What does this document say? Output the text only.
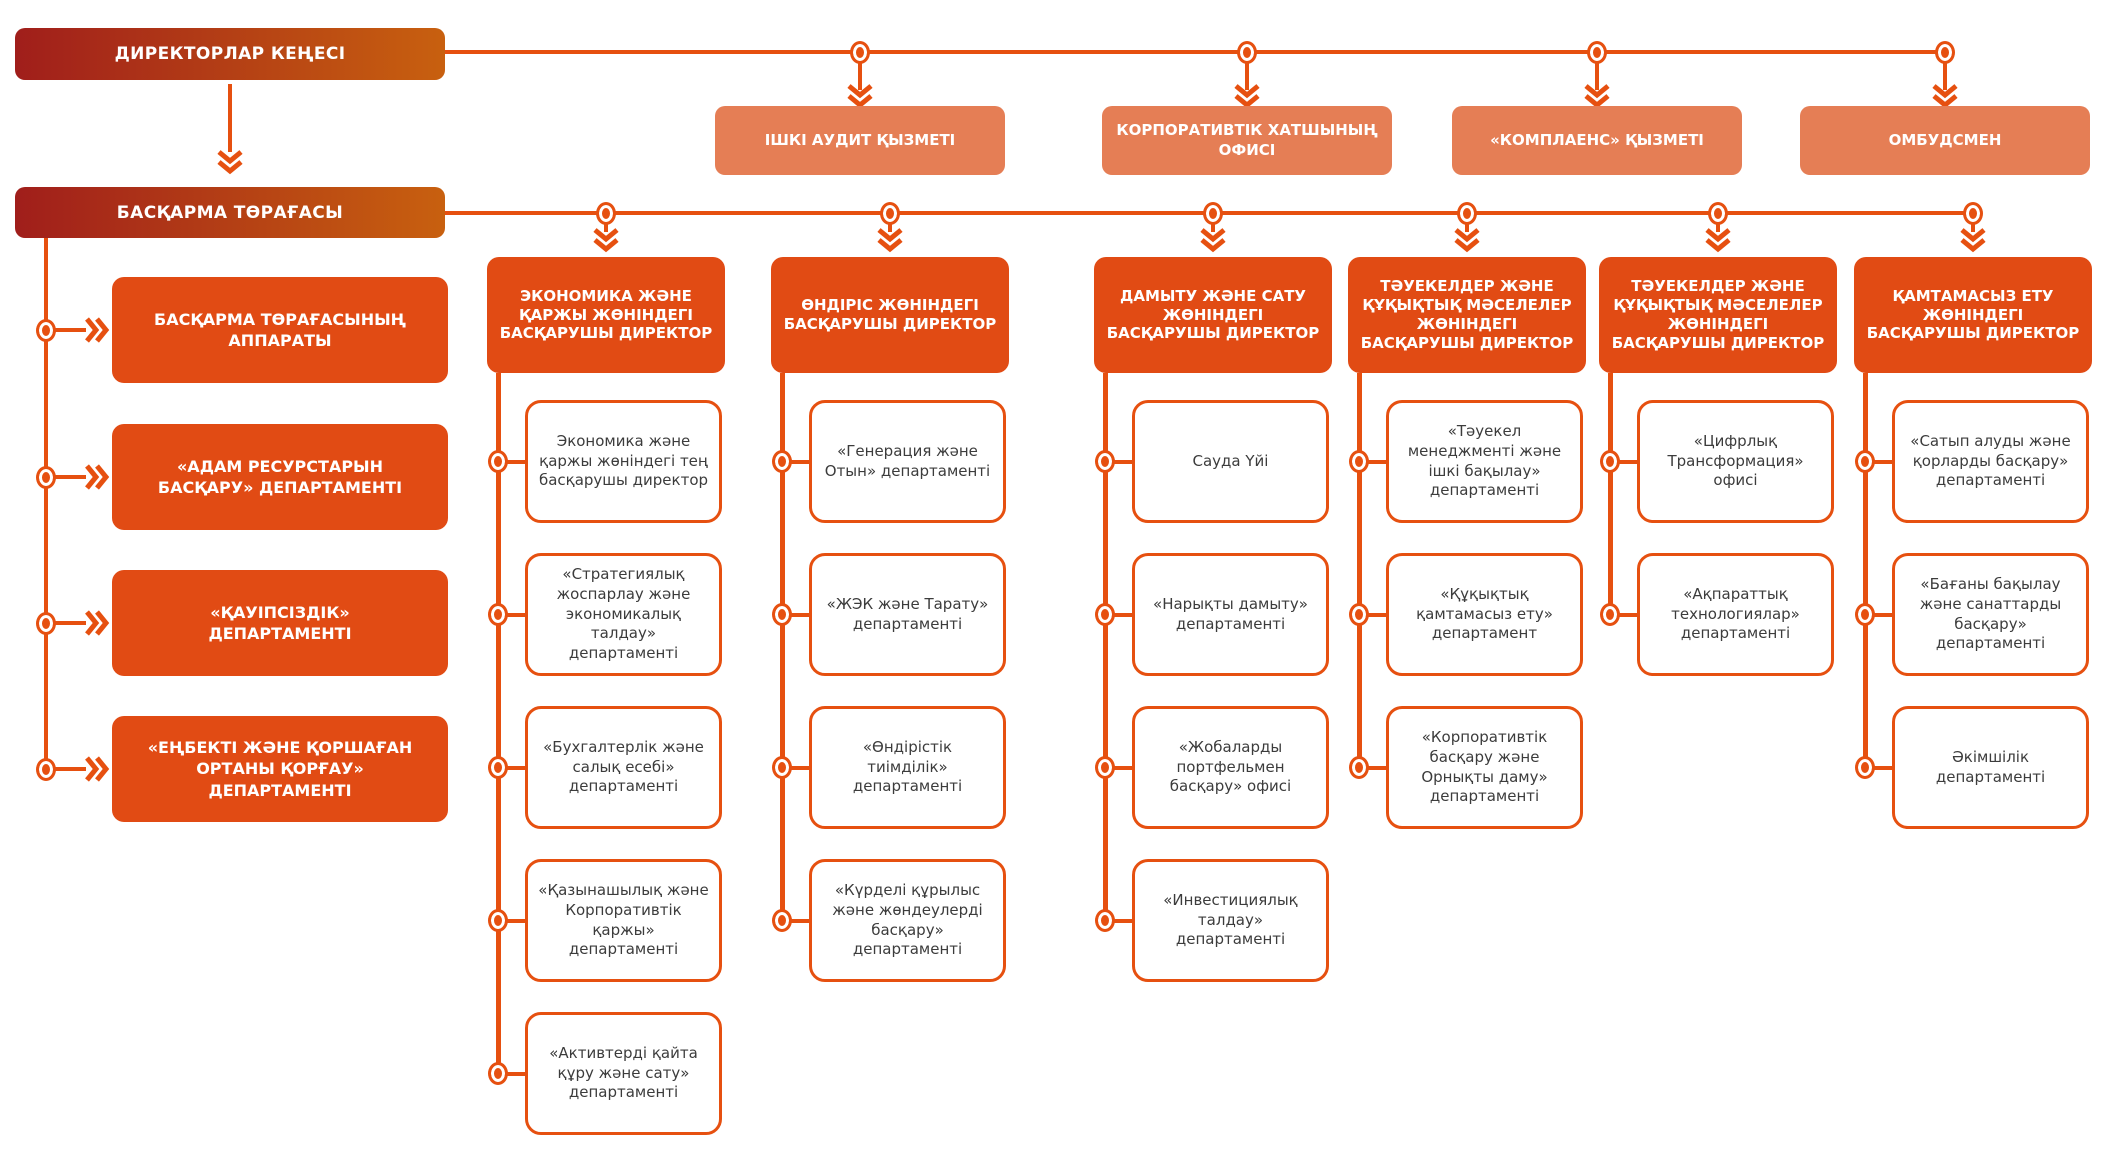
ДИРЕКТОРЛАР КЕҢЕСІ
БАСҚАРМА ТӨРАҒАСЫ
ІШКІ АУДИТ ҚЫЗМЕТІ
КОРПОРАТИВТІК ХАТШЫНЫҢ ОФИСІ
«КОМПЛАЕНС» ҚЫЗМЕТІ	ОМБУДСМЕН
БАСҚАРМА ТӨРАҒАСЫНЫҢ АППАРАТЫ
«АДАМ РЕСУРСТАРЫН БАСҚАРУ» ДЕПАРТАМЕНТІ
«ҚАУІПСІЗДІК» ДЕПАРТАМЕНТІ
«ЕҢБЕКТІ ЖӘНЕ ҚОРШАҒАН ОРТАНЫ ҚОРҒАУ» ДЕПАРТАМЕНТІ
ЭКОНОМИКА ЖӘНЕ ҚАРЖЫ ЖӨНІНДЕГІ БАСҚАРУШЫ ДИРЕКТОР
Экономика және қаржы жөніндегі тең басқарушы директор
«Стратегиялық жоспарлау және экономикалық талдау» департаменті
«Бухгалтерлік және салық есебі» департаменті
«Қазынашылық және Корпоративтік қаржы» департаменті
«Активтерді қайта құру және сату» департаменті
ӨНДІРІС ЖӨНІНДЕГІ БАСҚАРУШЫ ДИРЕКТОР
«Генерация және Отын» департаменті
«ЖЭК және Тарату» департаменті
«Өндірістік тиімділік» департаменті
«Күрделі құрылыс және жөндеулерді басқару» департаменті
ДАМЫТУ ЖӘНЕ САТУ ЖӨНІНДЕГІ БАСҚАРУШЫ ДИРЕКТОР
Сауда Үйі
«Нарықты дамыту» департаменті
«Жобаларды портфельмен басқару» офисі
«Инвестициялық талдау» департаменті
ТӘУЕКЕЛДЕР ЖӘНЕ ҚҰҚЫҚТЫҚ МӘСЕЛЕЛЕР ЖӨНІНДЕГІ БАСҚАРУШЫ ДИРЕКТОР
«Тәуекел менеджменті және ішкі бақылау» департаменті
«Құқықтық қамтамасыз ету» департамент
«Корпоративтік басқару және Орнықты даму» департаменті
ТӘУЕКЕЛДЕР ЖӘНЕ ҚҰҚЫҚТЫҚ МӘСЕЛЕЛЕР ЖӨНІНДЕГІ БАСҚАРУШЫ ДИРЕКТОР
«Цифрлық Трансформация» офисі
«Ақпараттық технологиялар» департаменті
ҚАМТАМАСЫЗ ЕТУ ЖӨНІНДЕГІ БАСҚАРУШЫ ДИРЕКТОР
«Сатып алуды және қорларды басқару» департаменті
«Бағаны бақылау және санаттарды басқару» департаменті
Әкімшілік департаменті
